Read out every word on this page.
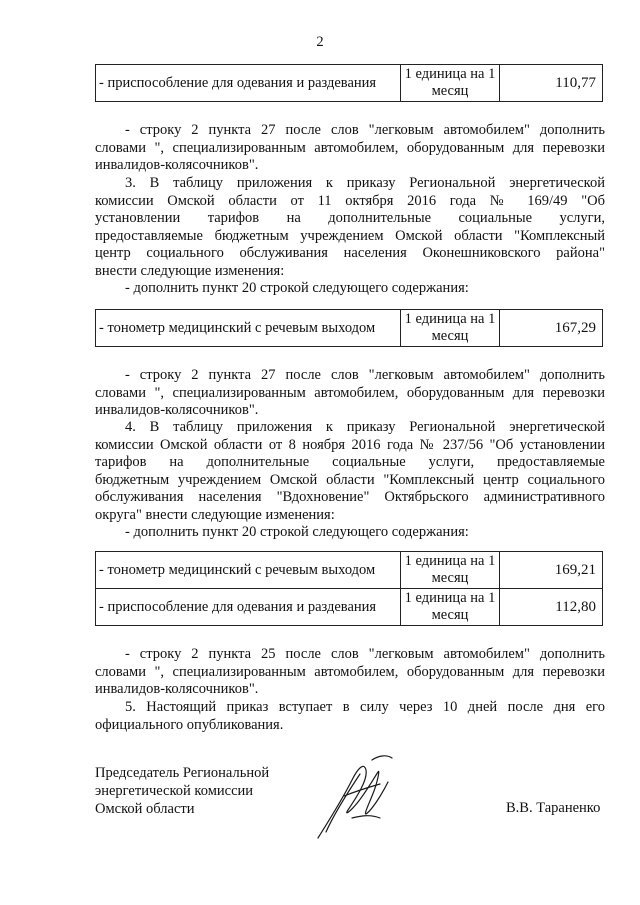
2
- приспособление для одевания и раздевания	1 единица на 1 месяц	110,77
- строку 2 пункта 27 после слов "легковым автомобилем" дополнить
словами ", специализированным автомобилем, оборудованным для перевозки
инвалидов-колясочников".
3. В таблицу приложения к приказу Региональной энергетической
комиссии Омской области от 11 октября 2016 года № 169/49 "Об
установлении тарифов на дополнительные социальные услуги,
предоставляемые бюджетным учреждением Омской области "Комплексный
центр социального обслуживания населения Оконешниковского района"
внести следующие изменения:
- дополнить пункт 20 строкой следующего содержания:
- тонометр медицинский с речевым выходом	1 единица на 1 месяц	167,29
- строку 2 пункта 27 после слов "легковым автомобилем" дополнить
словами ", специализированным автомобилем, оборудованным для перевозки
инвалидов-колясочников".
4. В таблицу приложения к приказу Региональной энергетической
комиссии Омской области от 8 ноября 2016 года № 237/56 "Об установлении
тарифов на дополнительные социальные услуги, предоставляемые
бюджетным учреждением Омской области "Комплексный центр социального
обслуживания населения "Вдохновение" Октябрьского административного
округа" внести следующие изменения:
- дополнить пункт 20 строкой следующего содержания:
- тонометр медицинский с речевым выходом	1 единица на 1 месяц	169,21
- приспособление для одевания и раздевания	1 единица на 1 месяц	112,80
- строку 2 пункта 25 после слов "легковым автомобилем" дополнить
словами ", специализированным автомобилем, оборудованным для перевозки
инвалидов-колясочников".
5. Настоящий приказ вступает в силу через 10 дней после дня его
официального опубликования.
Председатель Региональной
энергетической комиссии
Омской области	В.В. Тараненко
